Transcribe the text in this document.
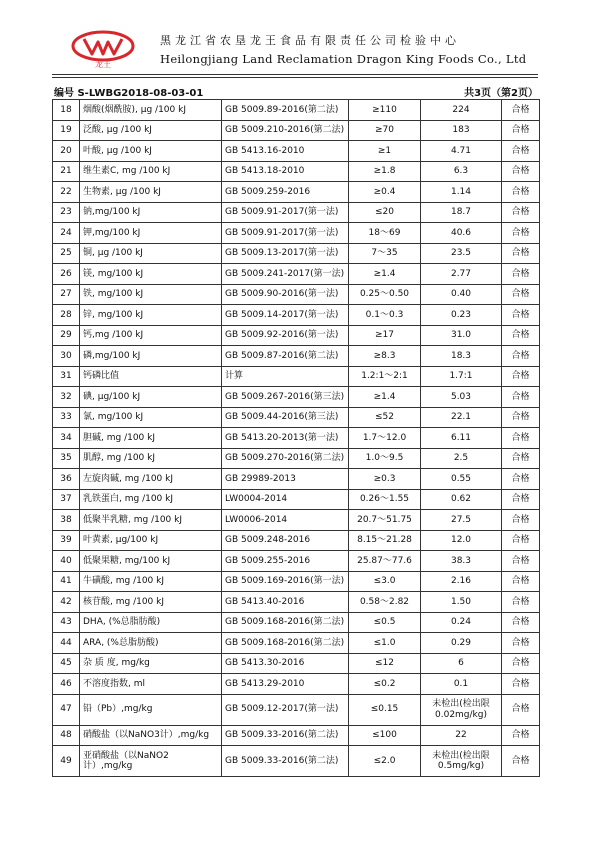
龙王
黑龙江省农垦龙王食品有限责任公司检验中心
Heilongjiang Land Reclamation Dragon King Foods Co., Ltd
编号 S-LWBG2018-08-03-01	共3页（第2页）
18	烟酸(烟酰胺), μg /100 kJ	GB 5009.89-2016(第二法)	≥110	224	合格
19	泛酸, μg /100 kJ	GB 5009.210-2016(第二法)	≥70	183	合格
20	叶酸, μg /100 kJ	GB 5413.16-2010	≥1	4.71	合格
21	维生素C, mg /100 kJ	GB 5413.18-2010	≥1.8	6.3	合格
22	生物素, μg /100 kJ	GB 5009.259-2016	≥0.4	1.14	合格
23	钠,mg/100 kJ	GB 5009.91-2017(第一法)	≤20	18.7	合格
24	钾,mg/100 kJ	GB 5009.91-2017(第一法)	18～69	40.6	合格
25	铜, μg /100 kJ	GB 5009.13-2017(第一法)	7～35	23.5	合格
26	镁, mg/100 kJ	GB 5009.241-2017(第一法)	≥1.4	2.77	合格
27	铁, mg/100 kJ	GB 5009.90-2016(第一法)	0.25～0.50	0.40	合格
28	锌, mg/100 kJ	GB 5009.14-2017(第一法)	0.1～0.3	0.23	合格
29	钙,mg /100 kJ	GB 5009.92-2016(第一法)	≥17	31.0	合格
30	磷,mg/100 kJ	GB 5009.87-2016(第二法)	≥8.3	18.3	合格
31	钙磷比值	计算	1.2:1～2:1	1.7:1	合格
32	碘, μg/100 kJ	GB 5009.267-2016(第三法)	≥1.4	5.03	合格
33	氯, mg/100 kJ	GB 5009.44-2016(第三法)	≤52	22.1	合格
34	胆碱, mg /100 kJ	GB 5413.20-2013(第一法)	1.7～12.0	6.11	合格
35	肌醇, mg /100 kJ	GB 5009.270-2016(第二法)	1.0～9.5	2.5	合格
36	左旋肉碱, mg /100 kJ	GB 29989-2013	≥0.3	0.55	合格
37	乳铁蛋白, mg /100 kJ	LW0004-2014	0.26～1.55	0.62	合格
38	低聚半乳糖, mg /100 kJ	LW0006-2014	20.7～51.75	27.5	合格
39	叶黄素, μg/100 kJ	GB 5009.248-2016	8.15～21.28	12.0	合格
40	低聚果糖, mg/100 kJ	GB 5009.255-2016	25.87～77.6	38.3	合格
41	牛磺酸, mg /100 kJ	GB 5009.169-2016(第一法)	≤3.0	2.16	合格
42	核苷酸, mg /100 kJ	GB 5413.40-2016	0.58～2.82	1.50	合格
43	DHA, (%总脂肪酸)	GB 5009.168-2016(第二法)	≤0.5	0.24	合格
44	ARA, (%总脂肪酸)	GB 5009.168-2016(第二法)	≤1.0	0.29	合格
45	杂 质 度, mg/kg	GB 5413.30-2016	≤12	6	合格
46	不溶度指数, ml	GB 5413.29-2010	≤0.2	0.1	合格
47	铅（Pb）,mg/kg	GB 5009.12-2017(第一法)	≤0.15	未检出(检出限0.02mg/kg)	合格
48	硝酸盐（以NaNO3计）,mg/kg	GB 5009.33-2016(第二法)	≤100	22	合格
49	亚硝酸盐（以NaNO2计）,mg/kg	GB 5009.33-2016(第二法)	≤2.0	未检出(检出限0.5mg/kg)	合格
